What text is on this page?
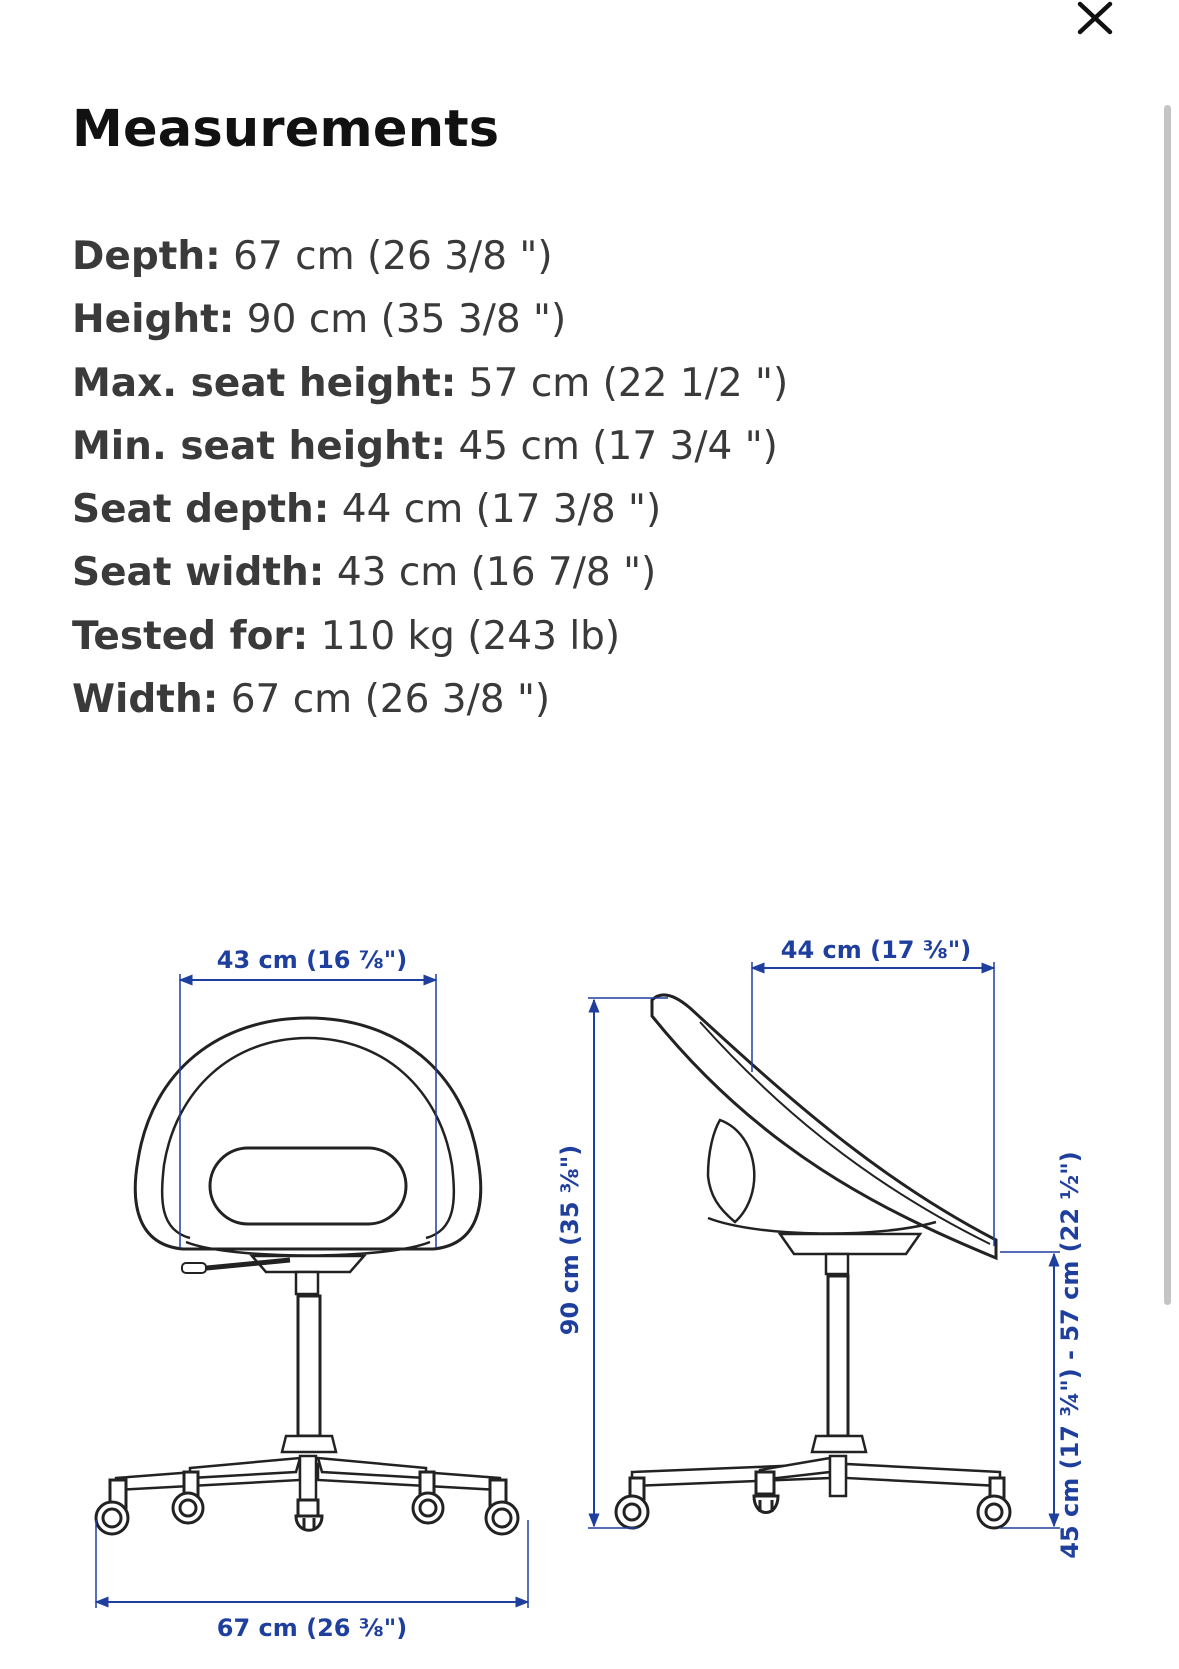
Measurements
Depth: 67 cm (26 3/8 ")
Height: 90 cm (35 3/8 ")
Max. seat height: 57 cm (22 1/2 ")
Min. seat height: 45 cm (17 3/4 ")
Seat depth: 44 cm (17 3/8 ")
Seat width: 43 cm (16 7/8 ")
Tested for: 110 kg (243 lb)
Width: 67 cm (26 3/8 ")
43 cm (16 ⅞")	44 cm (17 ⅜")
90 cm (35 ⅜")	45 cm (17 ¾") - 57 cm (22 ½")
67 cm (26 ⅜")
